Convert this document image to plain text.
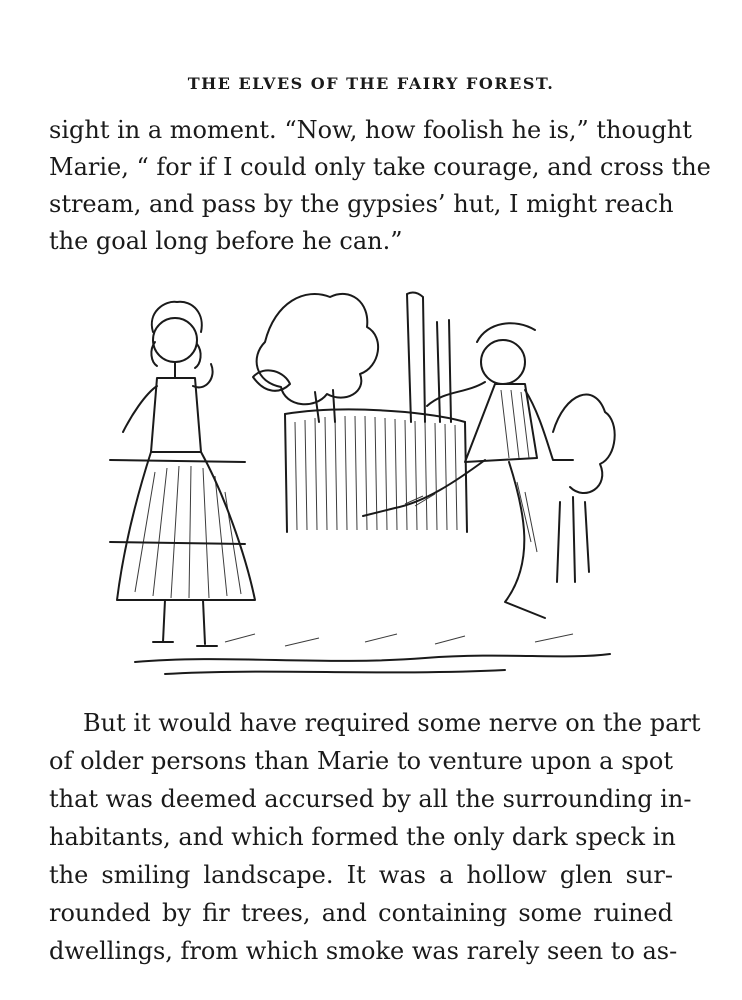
THE ELVES OF THE FAIRY FOREST.

sight in a moment. “Now, how foolish he is,” thought
Marie, “ for if I could only take courage, and cross the
stream, and pass by the gypsies’ hut, I might reach
the goal long before he can.”

But it would have required some nerve on the part
of older persons than Marie to venture upon a spot
that was deemed accursed by all the surrounding in-
habitants, and which formed the only dark speck in
the smiling landscape. It was a hollow glen sur-
rounded by fir trees, and containing some ruined
dwellings, from which smoke was rarely seen to as-
